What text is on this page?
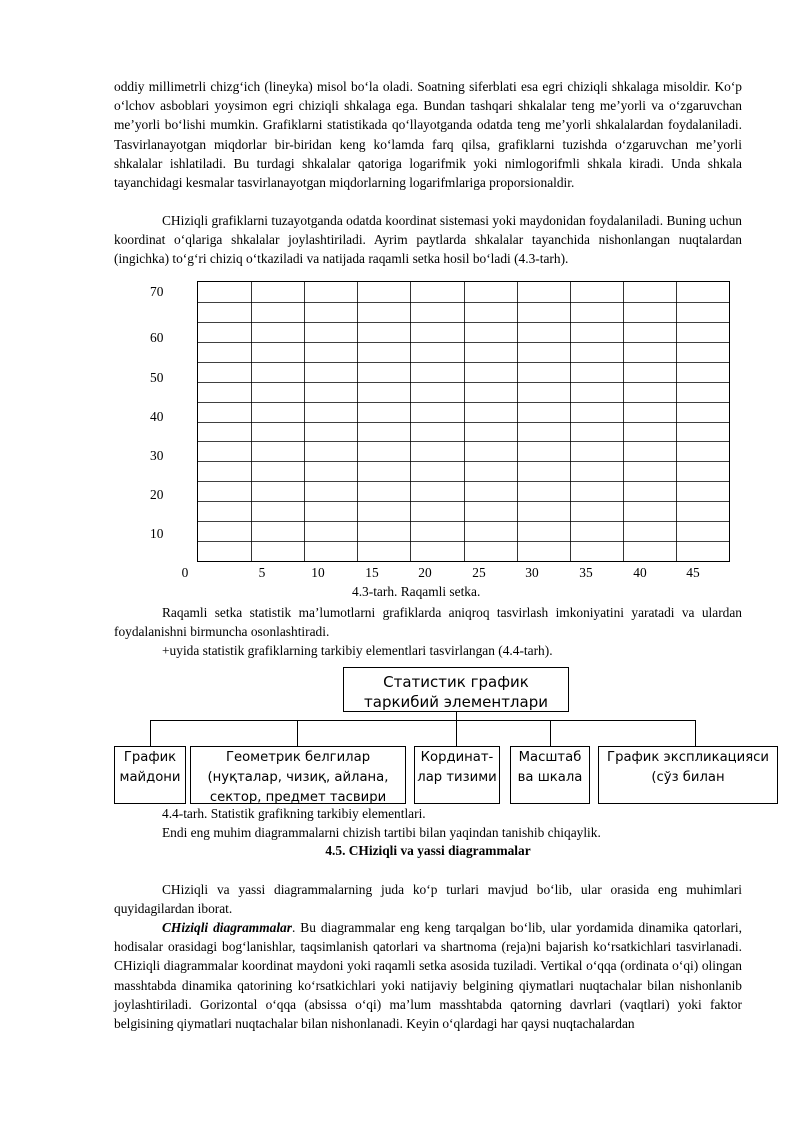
oddiy millimetrli chizg‘ich (lineyka) misol bo‘la oladi. Soatning siferblati esa egri chiziqli shkalaga misoldir. Ko‘p o‘lchov asboblari yoysimon egri chiziqli shkalaga ega. Bundan tashqari shkalalar teng me’yorli va o‘zgaruvchan me’yorli bo‘lishi mumkin. Grafiklarni statistikada qo‘llayotganda odatda teng me’yorli shkalalardan foydalaniladi. Tasvirlanayotgan miqdorlar bir-biridan keng ko‘lamda farq qilsa, grafiklarni tuzishda o‘zgaruvchan me’yorli shkalalar ishlatiladi. Bu turdagi shkalalar qatoriga logarifmik yoki nimlogorifmli shkala kiradi. Unda shkala tayanchidagi kesmalar tasvirlanayotgan miqdorlarning logarifmlariga proporsionaldir.
CHiziqli grafiklarni tuzayotganda odatda koordinat sistemasi yoki maydonidan foydalaniladi. Buning uchun koordinat o‘qlariga shkalalar joylashtiriladi. Ayrim paytlarda shkalalar tayanchida nishonlangan nuqtalardan (ingichka) to‘g‘ri chiziq o‘tkaziladi va natijada raqamli setka hosil bo‘ladi (4.3-tarh).
70
60
50
40
30
20
10
0	5	10	15	20	25	30	35	40	45
4.3-tarh. Raqamli setka.
Raqamli setka statistik ma’lumotlarni grafiklarda aniqroq tasvirlash imkoniyatini yaratadi va ulardan foydalanishni birmuncha osonlashtiradi.
+uyida statistik grafiklarning tarkibiy elementlari tasvirlangan (4.4-tarh).
Статистик график таркибий элементлари
График майдони
Геометрик белгилар (нуқталар, чизиқ, айлана, сектор, предмет тасвири
Кординат-лар тизими
Масштаб ва шкала
График экспликацияси (сўз билан
4.4-tarh. Statistik grafikning tarkibiy elementlari.
Endi eng muhim diagrammalarni chizish tartibi bilan yaqindan tanishib chiqaylik.
4.5. CHiziqli va yassi diagrammalar
CHiziqli va yassi diagrammalarning juda ko‘p turlari mavjud bo‘lib, ular orasida eng muhimlari quyidagilardan iborat.
CHiziqli diagrammalar. Bu diagrammalar eng keng tarqalgan bo‘lib, ular yordamida dinamika qatorlari, hodisalar orasidagi bog‘lanishlar, taqsimlanish qatorlari va shartnoma (reja)ni bajarish ko‘rsatkichlari tasvirlanadi. CHiziqli diagrammalar koordinat maydoni yoki raqamli setka asosida tuziladi. Vertikal o‘qqa (ordinata o‘qi) olingan masshtabda dinamika qatorining ko‘rsatkichlari yoki natijaviy belgining qiymatlari nuqtachalar bilan nishonlanib joylashtiriladi. Gorizontal o‘qqa (absissa o‘qi) ma’lum masshtabda qatorning davrlari (vaqtlari) yoki faktor belgisining qiymatlari nuqtachalar bilan nishonlanadi. Keyin o‘qlardagi har qaysi nuqtachalardan
